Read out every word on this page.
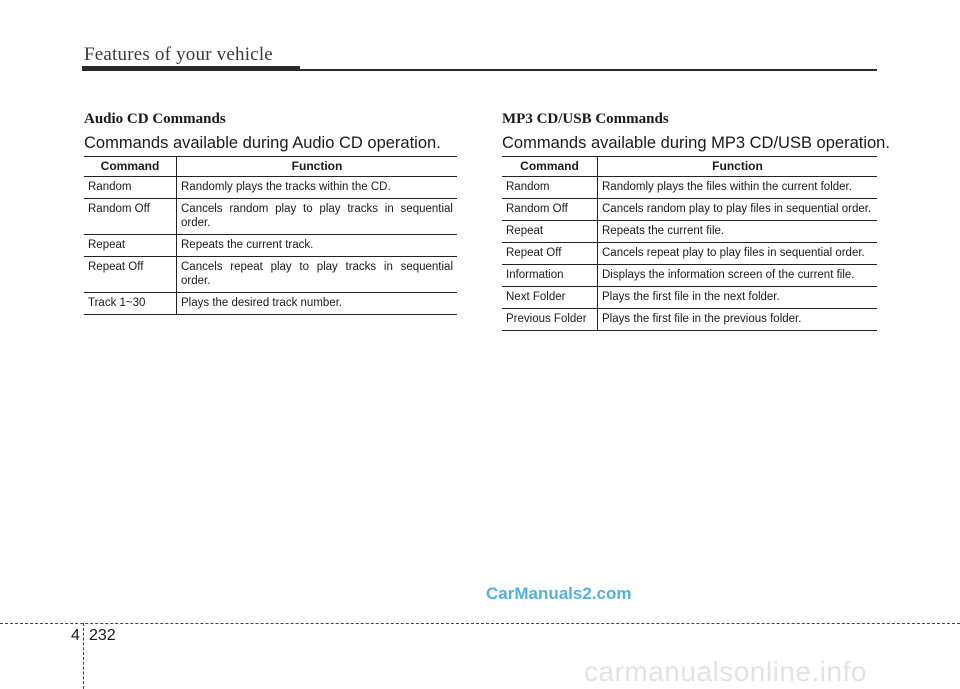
Features of your vehicle
Audio CD Commands

Commands available during Audio CD operation.

Command	Function
Random	Randomly plays the tracks within the CD.
Random Off	Cancels random play to play tracks in sequential order.
Repeat	Repeats the current track.
Repeat Off	Cancels repeat play to play tracks in sequential order.
Track 1~30	Plays the desired track number.
MP3 CD/USB Commands

Commands available during MP3 CD/USB operation.

Command	Function
Random	Randomly plays the files within the current folder.
Random Off	Cancels random play to play files in sequential order.
Repeat	Repeats the current file.
Repeat Off	Cancels repeat play to play files in sequential order.
Information	Displays the information screen of the current file.
Next Folder	Plays the first file in the next folder.
Previous Folder	Plays the first file in the previous folder.
CarManuals2.com
4 232
carmanualsonline.info
